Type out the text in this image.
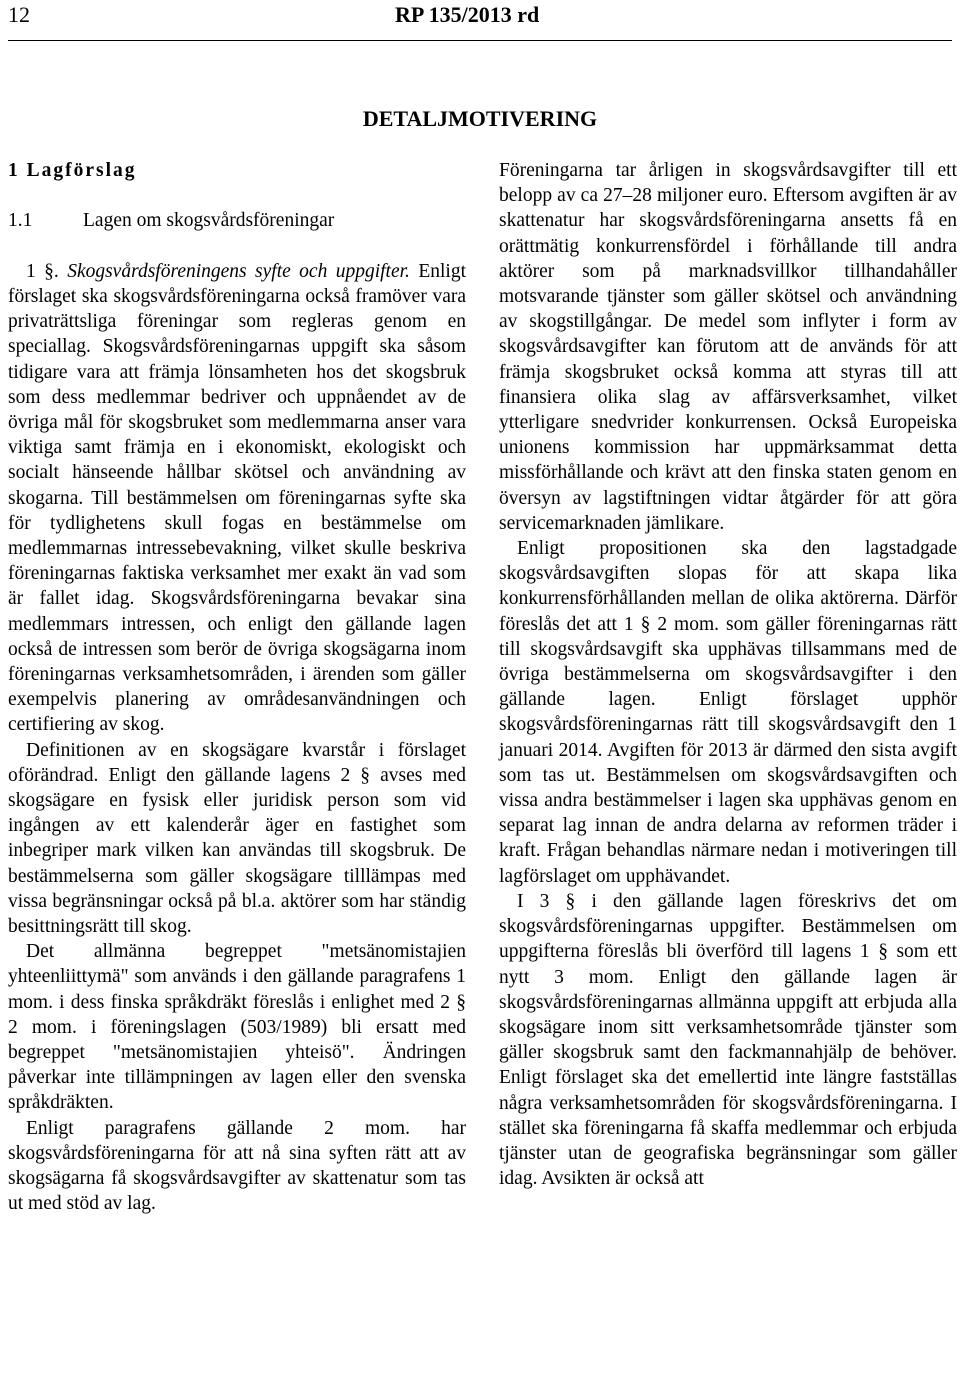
12	RP 135/2013 rd
DETALJMOTIVERING
1 Lagförslag
1.1	Lagen om skogsvårdsföreningar

1 §. Skogsvårdsföreningens syfte och uppgifter. Enligt förslaget ska skogsvårdsföreningarna också framöver vara privaträttsliga föreningar som regleras genom en speciallag. Skogsvårdsföreningarnas uppgift ska såsom tidigare vara att främja lönsamheten hos det skogsbruk som dess medlemmar bedriver och uppnåendet av de övriga mål för skogsbruket som medlemmarna anser vara viktiga samt främja en i ekonomiskt, ekologiskt och socialt hänseende hållbar skötsel och användning av skogarna. Till bestämmelsen om föreningarnas syfte ska för tydlighetens skull fogas en bestämmelse om medlemmarnas intressebevakning, vilket skulle beskriva föreningarnas faktiska verksamhet mer exakt än vad som är fallet idag. Skogsvårdsföreningarna bevakar sina medlemmars intressen, och enligt den gällande lagen också de intressen som berör de övriga skogsägarna inom föreningarnas verksamhetsområden, i ärenden som gäller exempelvis planering av områdesanvändningen och certifiering av skog.

Definitionen av en skogsägare kvarstår i förslaget oförändrad. Enligt den gällande lagens 2 § avses med skogsägare en fysisk eller juridisk person som vid ingången av ett kalenderår äger en fastighet som inbegriper mark vilken kan användas till skogsbruk. De bestämmelserna som gäller skogsägare tilllämpas med vissa begränsningar också på bl.a. aktörer som har ständig besittningsrätt till skog.

Det allmänna begreppet "metsänomistajien yhteenliittymä" som används i den gällande paragrafens 1 mom. i dess finska språkdräkt föreslås i enlighet med 2 § 2 mom. i föreningslagen (503/1989) bli ersatt med begreppet "metsänomistajien yhteisö". Ändringen påverkar inte tillämpningen av lagen eller den svenska språkdräkten.

Enligt paragrafens gällande 2 mom. har skogsvårdsföreningarna för att nå sina syften rätt att av skogsägarna få skogsvårdsavgifter av skattenatur som tas ut med stöd av lag.

Föreningarna tar årligen in skogsvårdsavgifter till ett belopp av ca 27–28 miljoner euro. Eftersom avgiften är av skattenatur har skogsvårdsföreningarna ansetts få en orättmätig konkurrensfördel i förhållande till andra aktörer som på marknadsvillkor tillhandahåller motsvarande tjänster som gäller skötsel och användning av skogstillgångar. De medel som inflyter i form av skogsvårdsavgifter kan förutom att de används för att främja skogsbruket också komma att styras till att finansiera olika slag av affärsverksamhet, vilket ytterligare snedvrider konkurrensen. Också Europeiska unionens kommission har uppmärksammat detta missförhållande och krävt att den finska staten genom en översyn av lagstiftningen vidtar åtgärder för att göra servicemarknaden jämlikare.

Enligt propositionen ska den lagstadgade skogsvårdsavgiften slopas för att skapa lika konkurrensförhållanden mellan de olika aktörerna. Därför föreslås det att 1 § 2 mom. som gäller föreningarnas rätt till skogsvårdsavgift ska upphävas tillsammans med de övriga bestämmelserna om skogsvårdsavgifter i den gällande lagen. Enligt förslaget upphör skogsvårdsföreningarnas rätt till skogsvårdsavgift den 1 januari 2014. Avgiften för 2013 är därmed den sista avgift som tas ut. Bestämmelsen om skogsvårdsavgiften och vissa andra bestämmelser i lagen ska upphävas genom en separat lag innan de andra delarna av reformen träder i kraft. Frågan behandlas närmare nedan i motiveringen till lagförslaget om upphävandet.

I 3 § i den gällande lagen föreskrivs det om skogsvårdsföreningarnas uppgifter. Bestämmelsen om uppgifterna föreslås bli överförd till lagens 1 § som ett nytt 3 mom. Enligt den gällande lagen är skogsvårdsföreningarnas allmänna uppgift att erbjuda alla skogsägare inom sitt verksamhetsområde tjänster som gäller skogsbruk samt den fackmannahjälp de behöver. Enligt förslaget ska det emellertid inte längre fastställas några verksamhetsområden för skogsvårdsföreningarna. I stället ska föreningarna få skaffa medlemmar och erbjuda tjänster utan de geografiska begränsningar som gäller idag. Avsikten är också att
